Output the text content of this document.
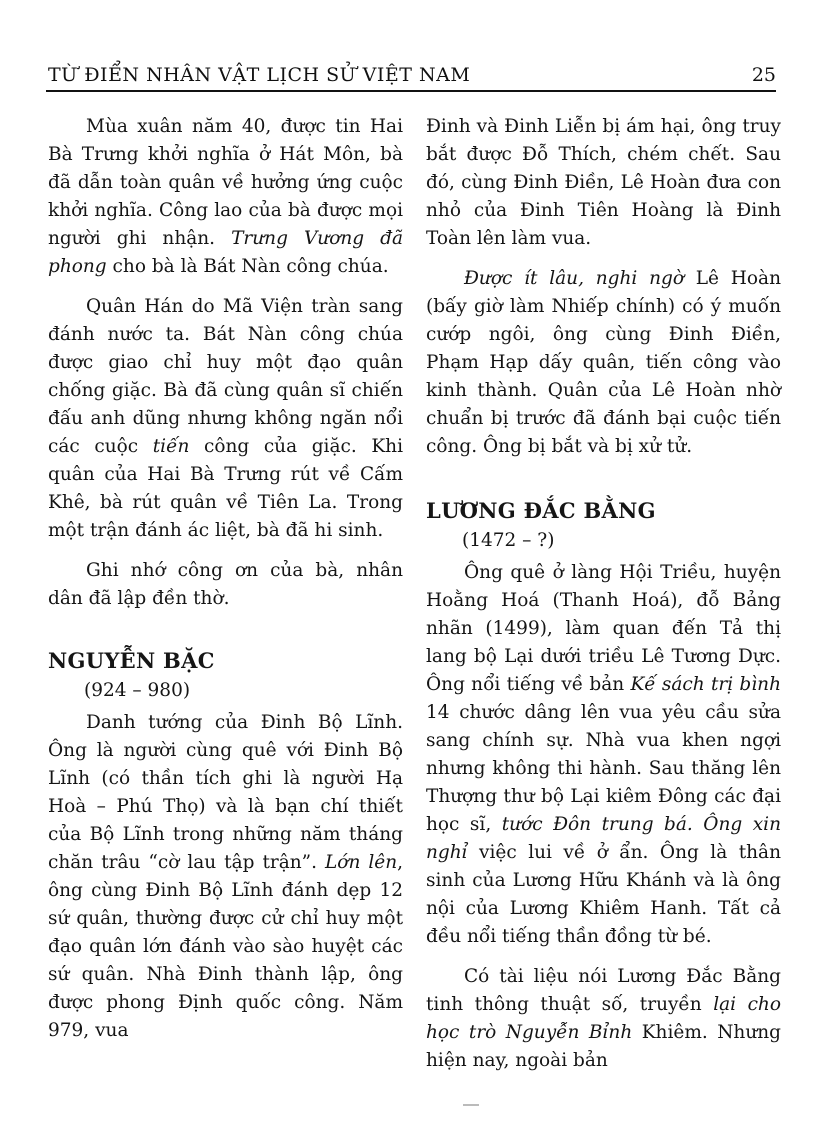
TỪ ĐIỂN NHÂN VẬT LỊCH SỬ VIỆT NAM	25

Mùa xuân năm 40, được tin Hai Bà Trưng khởi nghĩa ở Hát Môn, bà đã dẫn toàn quân về hưởng ứng cuộc khởi nghĩa. Công lao của bà được mọi người ghi nhận. Trưng Vương đã phong cho bà là Bát Nàn công chúa.

Quân Hán do Mã Viện tràn sang đánh nước ta. Bát Nàn công chúa được giao chỉ huy một đạo quân chống giặc. Bà đã cùng quân sĩ chiến đấu anh dũng nhưng không ngăn nổi các cuộc tiến công của giặc. Khi quân của Hai Bà Trưng rút về Cấm Khê, bà rút quân về Tiên La. Trong một trận đánh ác liệt, bà đã hi sinh.

Ghi nhớ công ơn của bà, nhân dân đã lập đền thờ.

NGUYỄN BẶC
(924 – 980)

Danh tướng của Đinh Bộ Lĩnh. Ông là người cùng quê với Đinh Bộ Lĩnh (có thần tích ghi là người Hạ Hoà – Phú Thọ) và là bạn chí thiết của Bộ Lĩnh trong những năm tháng chăn trâu “cờ lau tập trận”. Lớn lên, ông cùng Đinh Bộ Lĩnh đánh dẹp 12 sứ quân, thường được cử chỉ huy một đạo quân lớn đánh vào sào huyệt các sứ quân. Nhà Đinh thành lập, ông được phong Định quốc công. Năm 979, vua

Đinh và Đinh Liễn bị ám hại, ông truy bắt được Đỗ Thích, chém chết. Sau đó, cùng Đinh Điền, Lê Hoàn đưa con nhỏ của Đinh Tiên Hoàng là Đinh Toàn lên làm vua.

Được ít lâu, nghi ngờ Lê Hoàn (bấy giờ làm Nhiếp chính) có ý muốn cướp ngôi, ông cùng Đinh Điền, Phạm Hạp dấy quân, tiến công vào kinh thành. Quân của Lê Hoàn nhờ chuẩn bị trước đã đánh bại cuộc tiến công. Ông bị bắt và bị xử tử.

LƯƠNG ĐẮC BẰNG
(1472 – ?)

Ông quê ở làng Hội Triều, huyện Hoằng Hoá (Thanh Hoá), đỗ Bảng nhãn (1499), làm quan đến Tả thị lang bộ Lại dưới triều Lê Tương Dực. Ông nổi tiếng về bản Kế sách trị bình 14 chước dâng lên vua yêu cầu sửa sang chính sự. Nhà vua khen ngợi nhưng không thi hành. Sau thăng lên Thượng thư bộ Lại kiêm Đông các đại học sĩ, tước Đôn trung bá. Ông xin nghỉ việc lui về ở ẩn. Ông là thân sinh của Lương Hữu Khánh và là ông nội của Lương Khiêm Hanh. Tất cả đều nổi tiếng thần đồng từ bé.

Có tài liệu nói Lương Đắc Bằng tinh thông thuật số, truyền lại cho học trò Nguyễn Bỉnh Khiêm. Nhưng hiện nay, ngoài bản
